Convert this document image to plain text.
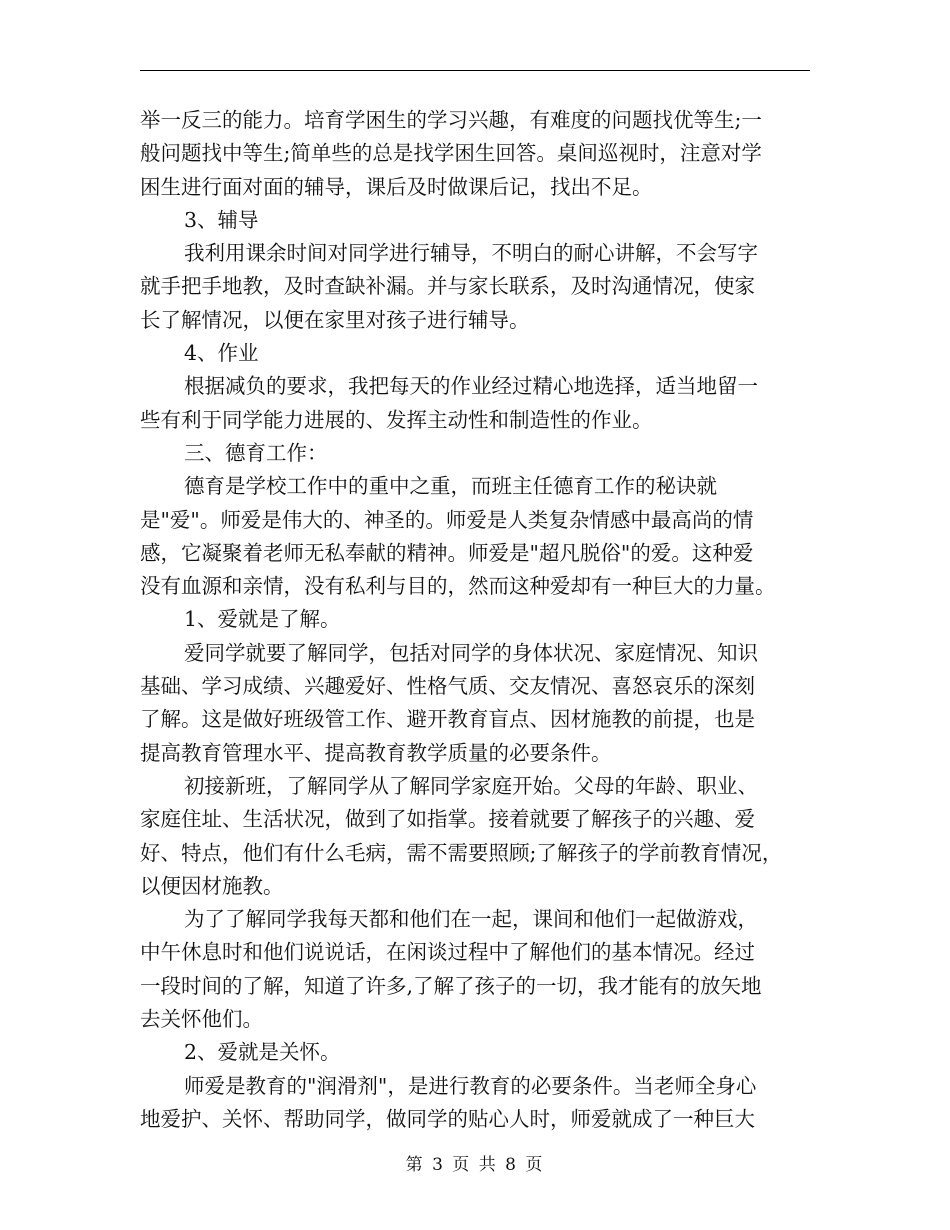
举一反三的能力。培育学困生的学习兴趣，有难度的问题找优等生;一
般问题找中等生;简单些的总是找学困生回答。桌间巡视时，注意对学
困生进行面对面的辅导，课后及时做课后记，找出不足。
3、辅导
我利用课余时间对同学进行辅导，不明白的耐心讲解，不会写字
就手把手地教，及时查缺补漏。并与家长联系，及时沟通情况，使家
长了解情况，以便在家里对孩子进行辅导。
4、作业
根据减负的要求，我把每天的作业经过精心地选择，适当地留一
些有利于同学能力进展的、发挥主动性和制造性的作业。
三、德育工作：
德育是学校工作中的重中之重，而班主任德育工作的秘诀就
是"爱"。师爱是伟大的、神圣的。师爱是人类复杂情感中最高尚的情
感，它凝聚着老师无私奉献的精神。师爱是"超凡脱俗"的爱。这种爱
没有血源和亲情，没有私利与目的，然而这种爱却有一种巨大的力量。
1、爱就是了解。
爱同学就要了解同学，包括对同学的身体状况、家庭情况、知识
基础、学习成绩、兴趣爱好、性格气质、交友情况、喜怒哀乐的深刻
了解。这是做好班级管工作、避开教育盲点、因材施教的前提，也是
提高教育管理水平、提高教育教学质量的必要条件。
初接新班，了解同学从了解同学家庭开始。父母的年龄、职业、
家庭住址、生活状况，做到了如指掌。接着就要了解孩子的兴趣、爱
好、特点，他们有什么毛病，需不需要照顾;了解孩子的学前教育情况，
以便因材施教。
为了了解同学我每天都和他们在一起，课间和他们一起做游戏，
中午休息时和他们说说话，在闲谈过程中了解他们的基本情况。经过
一段时间的了解，知道了许多,了解了孩子的一切，我才能有的放矢地
去关怀他们。
2、爱就是关怀。
师爱是教育的"润滑剂"，是进行教育的必要条件。当老师全身心
地爱护、关怀、帮助同学，做同学的贴心人时，师爱就成了一种巨大
第 3 页 共 8 页
